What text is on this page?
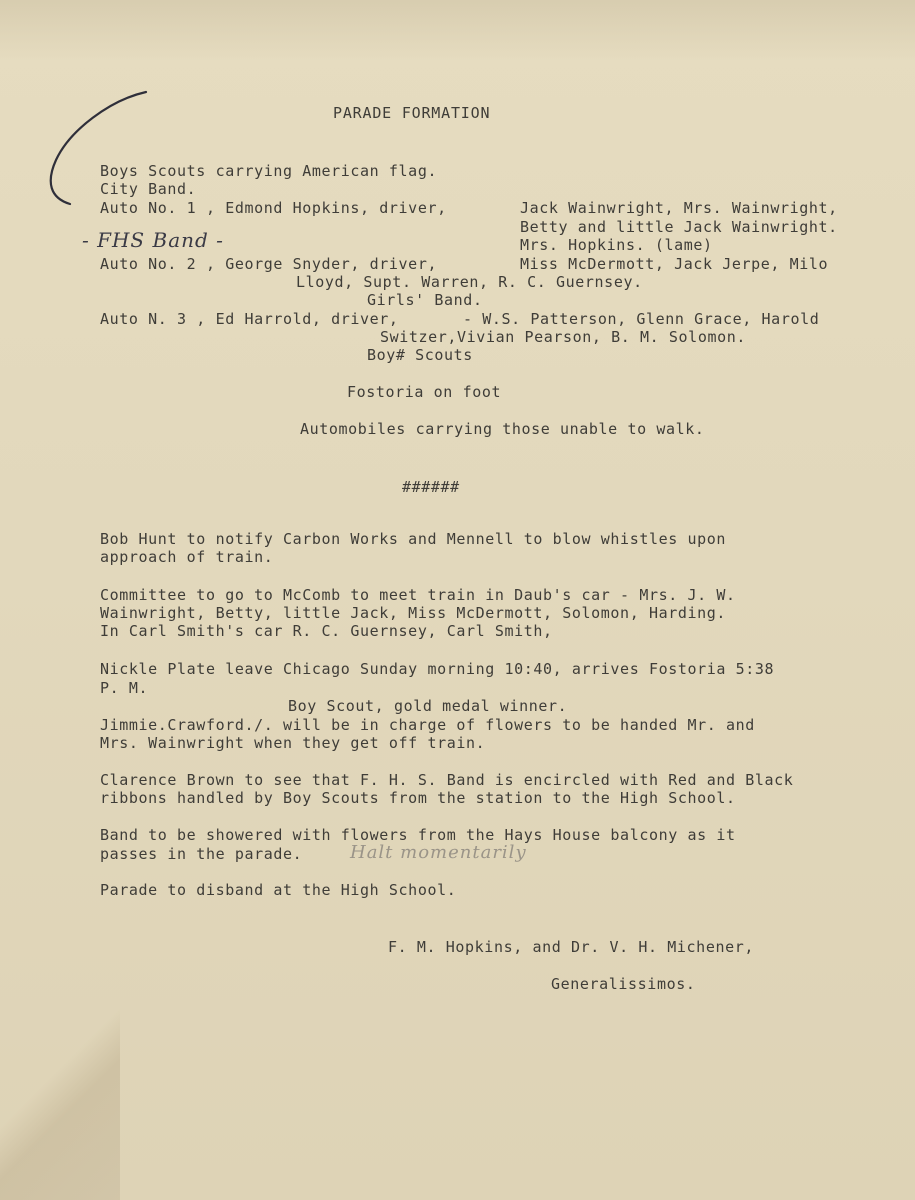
PARADE FORMATION
Boys Scouts carrying American flag.
City Band.
Auto No. 1 , Edmond Hopkins, driver,	Jack Wainwright, Mrs. Wainwright,
Betty and little Jack Wainwright.
Mrs. Hopkins. (lame)
- FHS Band -
Auto No. 2 , George Snyder, driver,	Miss McDermott, Jack Jerpe, Milo
Lloyd, Supt. Warren, R. C. Guernsey.
Girls' Band.
Auto N. 3 , Ed Harrold, driver,	- W.S. Patterson, Glenn Grace, Harold
Switzer,Vivian Pearson, B. M. Solomon.
Boy# Scouts
Fostoria on foot
Automobiles carrying those unable to walk.
######
Bob Hunt to notify Carbon Works and Mennell to blow whistles upon
approach of train.
Committee to go to McComb to meet train in Daub's car - Mrs. J. W.
Wainwright, Betty, little Jack, Miss McDermott, Solomon, Harding.
In Carl Smith's car R. C. Guernsey, Carl Smith,
Nickle Plate leave Chicago Sunday morning 10:40, arrives Fostoria 5:38
P. M.
Boy Scout, gold medal winner.
Jimmie.Crawford./. will be in charge of flowers to be handed Mr. and
Mrs. Wainwright when they get off train.
Clarence Brown to see that F. H. S. Band is encircled with Red and Black
ribbons handled by Boy Scouts from the station to the High School.
Band to be showered with flowers from the Hays House balcony as it
passes in the parade.	Halt momentarily
Parade to disband at the High School.
F. M. Hopkins, and Dr. V. H. Michener,
Generalissimos.
